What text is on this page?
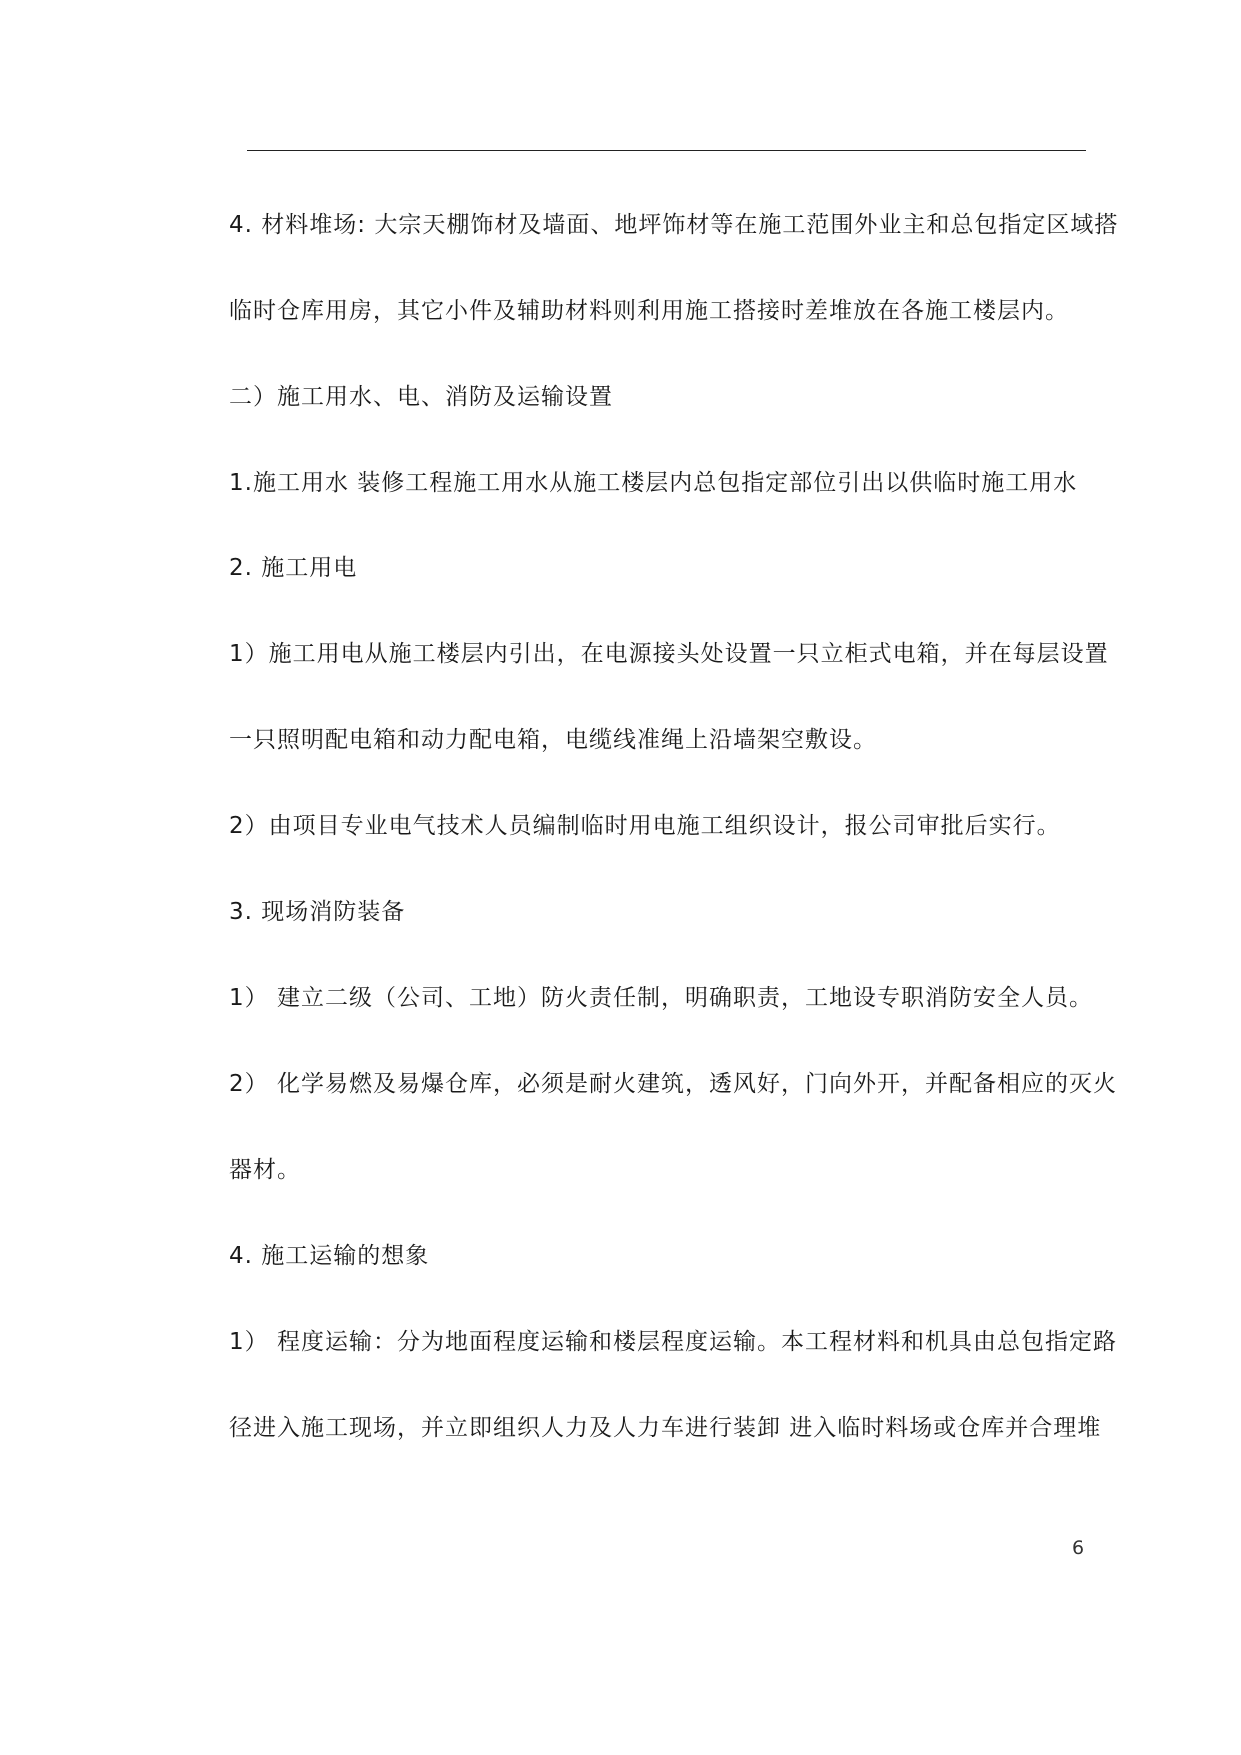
4. 材料堆场: 大宗天棚饰材及墙面、地坪饰材等在施工范围外业主和总包指定区域搭
临时仓库用房，其它小件及辅助材料则利用施工搭接时差堆放在各施工楼层内。
二）施工用水、电、消防及运输设置
1.施工用水 装修工程施工用水从施工楼层内总包指定部位引出以供临时施工用水
2. 施工用电
1）施工用电从施工楼层内引出，在电源接头处设置一只立柜式电箱，并在每层设置
一只照明配电箱和动力配电箱，电缆线准绳上沿墙架空敷设。
2）由项目专业电气技术人员编制临时用电施工组织设计，报公司审批后实行。
3. 现场消防装备
1） 建立二级（公司、工地）防火责任制，明确职责，工地设专职消防安全人员。
2） 化学易燃及易爆仓库，必须是耐火建筑，透风好，门向外开，并配备相应的灭火
器材。
4. 施工运输的想象
1） 程度运输：分为地面程度运输和楼层程度运输。本工程材料和机具由总包指定路
径进入施工现场，并立即组织人力及人力车进行装卸 进入临时料场或仓库并合理堆
6
